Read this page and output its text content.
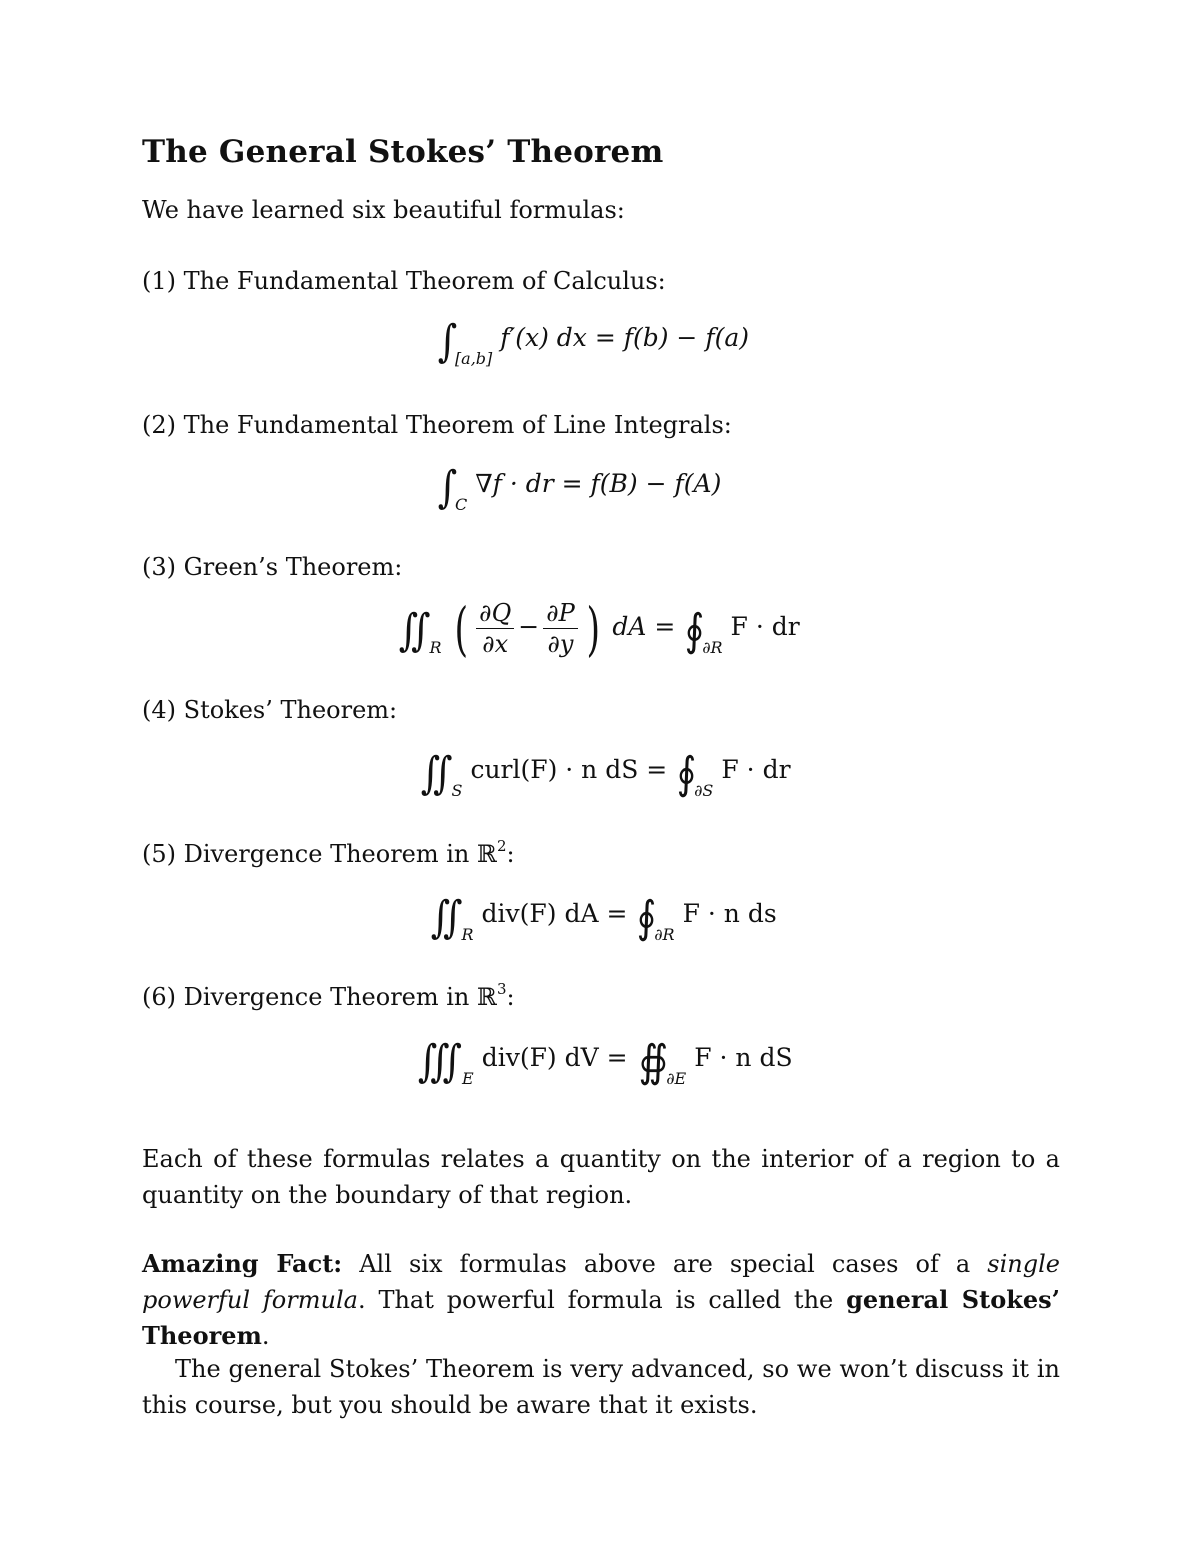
The General Stokes’ Theorem
We have learned six beautiful formulas:
(1) The Fundamental Theorem of Calculus:
$\int_{[a,b]}f'(x)$ dx = f(b) − f(a)
(2) The Fundamental Theorem of Line Integrals:
$\int_C\nabla f$ · dr = f(B) − f(A)
(3) Green’s Theorem:
$∬_R$ ( $\frac{\partial Q}{\partial x} - \frac{\partial P}{\partial y}$ ) dA = $∮_{\partial R}F$ · dr
(4) Stokes’ Theorem:
$∬_Scurl(F) \cdot n$ dS = $∮_{\partial S}F$ · dr
(5) Divergence Theorem in ℝ$^2$:
$∬_Rdiv(F)$ dA = $∮_{\partial R}F \cdot n$ ds
(6) Divergence Theorem in ℝ$^3$:
$∭_Ediv(F)$ dV = $∯_{\partial E}F \cdot n$ dS
Each of these formulas relates a quantity on the interior of a region to a quantity on the boundary of that region.
Amazing Fact: All six formulas above are special cases of a single powerful formula. That powerful formula is called the general Stokes’ Theorem.
The general Stokes’ Theorem is very advanced, so we won’t discuss it in this course, but you should be aware that it exists.
